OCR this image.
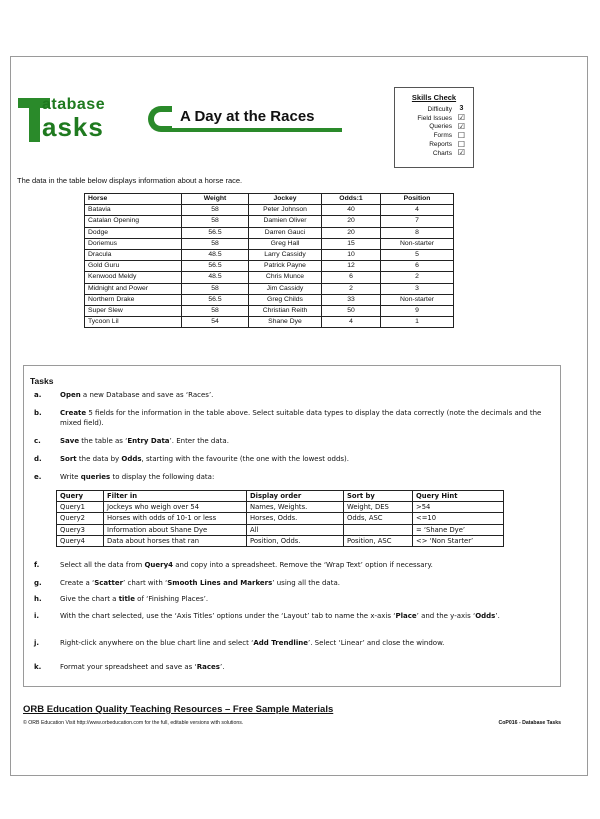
atabase
asks	A Day at the Races
Skills Check
Difficulty	3
Field Issues ☑
Queries ☑
Forms ☐
Reports ☐
Charts ☑
The data in the table below displays information about a horse race.
Horse	Weight	Jockey	Odds:1	Position
Batavia	58	Peter Johnson	40	4
Catalan Opening	58	Damien Oliver	20	7
Dodge	56.5	Darren Gauci	20	8
Doriemus	58	Greg Hall	15	Non-starter
Dracula	48.5	Larry Cassidy	10	5
Gold Guru	56.5	Patrick Payne	12	6
Kenwood Meldy	48.5	Chris Munce	6	2
Midnight and Power	58	Jim Cassidy	2	3
Northern Drake	56.5	Greg Childs	33	Non-starter
Super Slew	58	Christian Reith	50	9
Tycoon Lil	54	Shane Dye	4	1
Tasks
a.	Open a new Database and save as ‘Races’.
b.	Create 5 fields for the information in the table above. Select suitable data types to display the data correctly (note the decimals and the mixed field).
c.	Save the table as ‘Entry Data’. Enter the data.
d.	Sort the data by Odds, starting with the favourite (the one with the lowest odds).
e.	Write queries to display the following data:
f.	Select all the data from Query4 and copy into a spreadsheet. Remove the ‘Wrap Text’ option if necessary.
g.	Create a ‘Scatter’ chart with ‘Smooth Lines and Markers’ using all the data.
h.	Give the chart a title of ‘Finishing Places’.
i.	With the chart selected, use the ‘Axis Titles’ options under the ‘Layout’ tab to name the x-axis ‘Place’ and the y-axis ‘Odds’.
j.	Right-click anywhere on the blue chart line and select ‘Add Trendline’. Select ‘Linear’ and close the window.
k.	Format your spreadsheet and save as ‘Races’.
Query	Filter in	Display order	Sort by	Query Hint
Query1	Jockeys who weigh over 54	Names, Weights.	Weight, DES	>54
Query2	Horses with odds of 10-1 or less	Horses, Odds.	Odds, ASC	<=10
Query3	Information about Shane Dye	All		= ‘Shane Dye’
Query4	Data about horses that ran	Position, Odds.	Position, ASC	<> ‘Non Starter’
ORB Education Quality Teaching Resources – Free Sample Materials
© ORB Education Visit http://www.orbeducation.com for the full, editable versions with solutions.	CoP016 - Database Tasks
